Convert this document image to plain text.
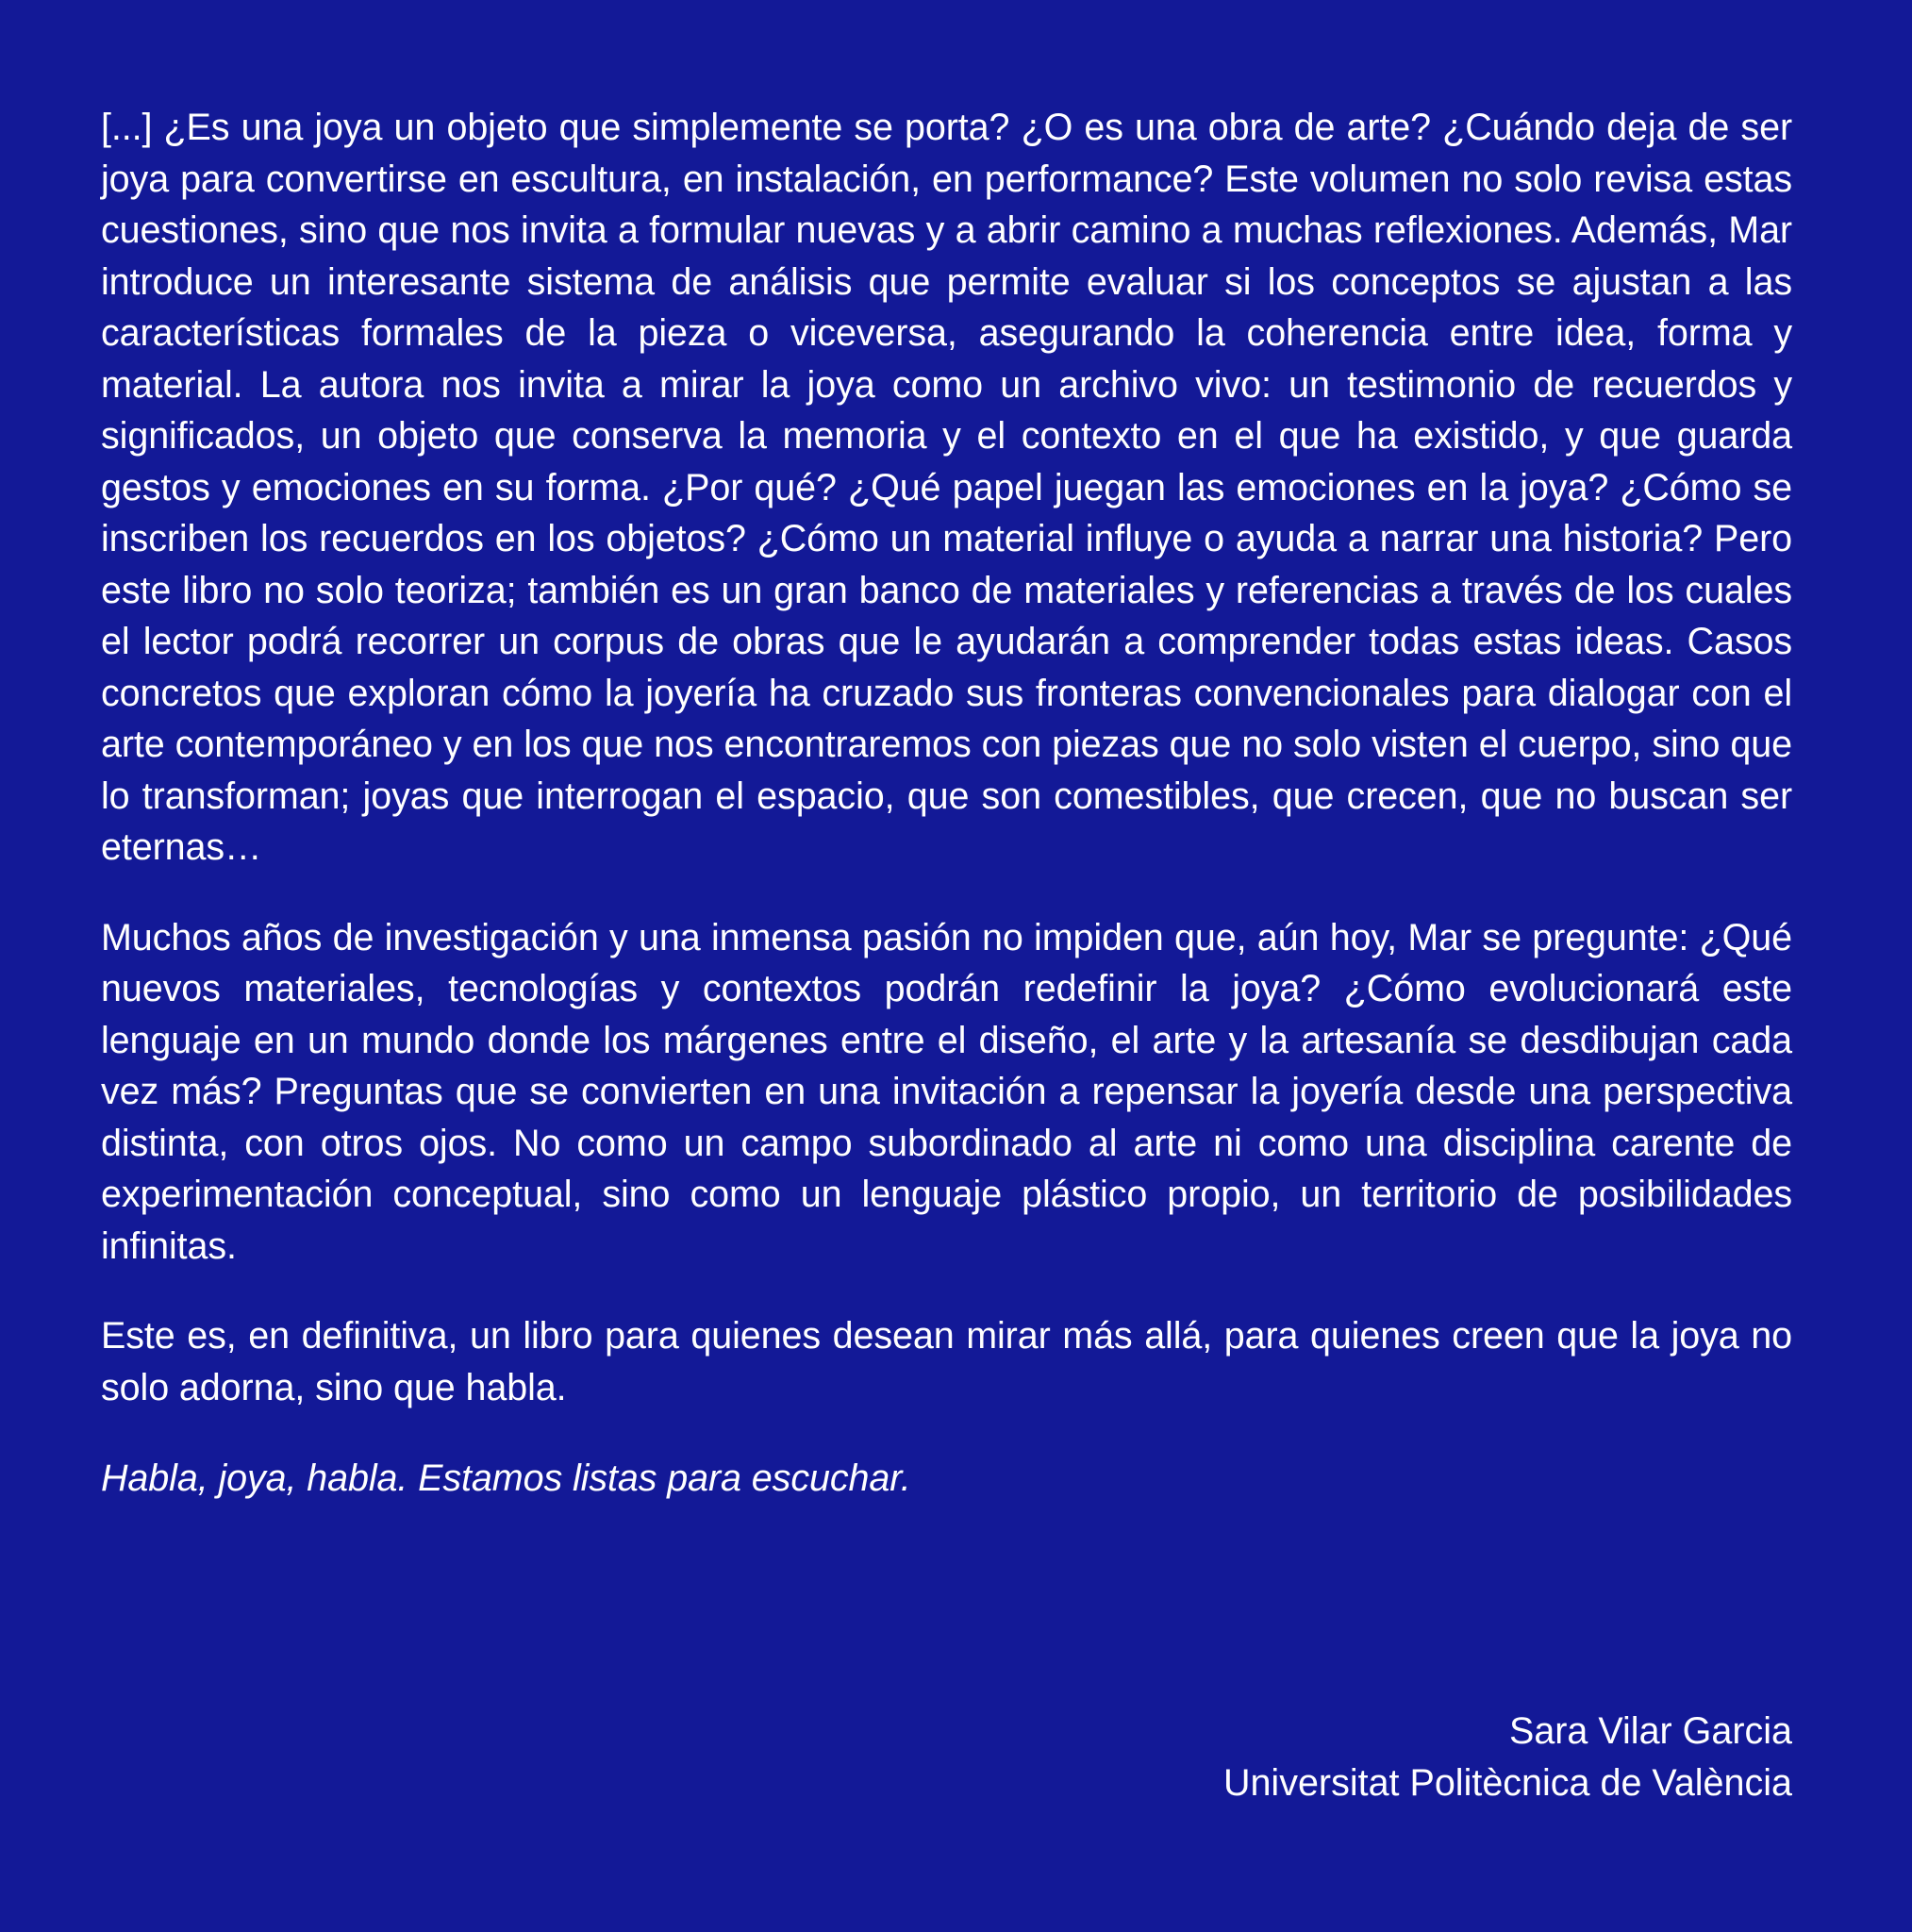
[...] ¿Es una joya un objeto que simplemente se porta? ¿O es una obra de arte? ¿Cuándo deja de ser joya para convertirse en escultura, en instalación, en performance? Este volumen no solo revisa estas cuestiones, sino que nos invita a formular nuevas y a abrir camino a muchas reflexiones. Además, Mar introduce un interesante sistema de análisis que permite evaluar si los conceptos se ajustan a las características formales de la pieza o viceversa, asegurando la coherencia entre idea, forma y material. La autora nos invita a mirar la joya como un archivo vivo: un testimonio de recuerdos y significados, un objeto que conserva la memoria y el contexto en el que ha existido, y que guarda gestos y emociones en su forma. ¿Por qué? ¿Qué papel juegan las emociones en la joya? ¿Cómo se inscriben los recuerdos en los objetos? ¿Cómo un material influye o ayuda a narrar una historia? Pero este libro no solo teoriza; también es un gran banco de materiales y referencias a través de los cuales el lector podrá recorrer un corpus de obras que le ayudarán a comprender todas estas ideas. Casos concretos que exploran cómo la joyería ha cruzado sus fronteras convencionales para dialogar con el arte contemporáneo y en los que nos encontraremos con piezas que no solo visten el cuerpo, sino que lo transforman; joyas que interrogan el espacio, que son comestibles, que crecen, que no buscan ser eternas…

Muchos años de investigación y una inmensa pasión no impiden que, aún hoy, Mar se pregunte: ¿Qué nuevos materiales, tecnologías y contextos podrán redefinir la joya? ¿Cómo evolucionará este lenguaje en un mundo donde los márgenes entre el diseño, el arte y la artesanía se desdibujan cada vez más? Preguntas que se convierten en una invitación a repensar la joyería desde una perspectiva distinta, con otros ojos. No como un campo subordinado al arte ni como una disciplina carente de experimentación conceptual, sino como un lenguaje plástico propio, un territorio de posibilidades infinitas.

Este es, en definitiva, un libro para quienes desean mirar más allá, para quienes creen que la joya no solo adorna, sino que habla.

Habla, joya, habla. Estamos listas para escuchar.

Sara Vilar Garcia
Universitat Politècnica de València
